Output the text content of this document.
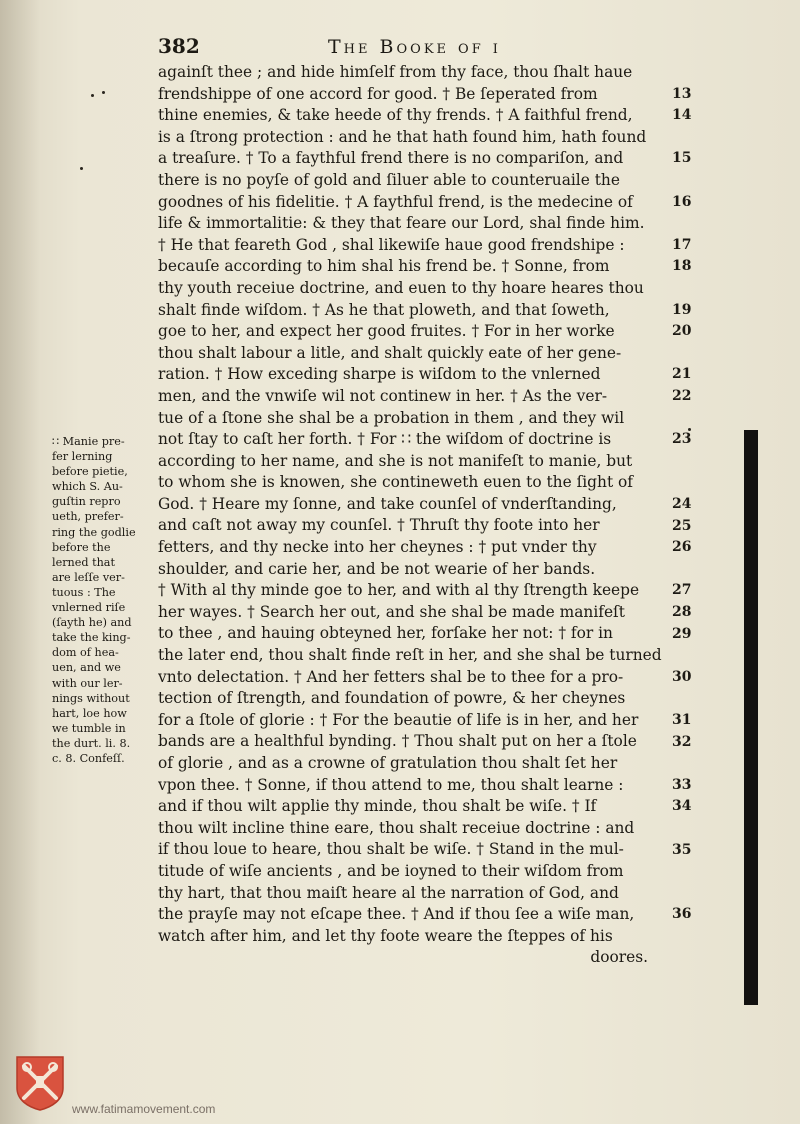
382	The Booke of i
againſt thee ; and hide himſelf from thy face, thou ſhalt haue
frendshippe of one accord for good. † Be ſeperated from
thine enemies, & take heede of thy frends. † A faithful frend,
is a ſtrong protection : and he that hath found him, hath found
a treaſure. † To a faythful frend there is no compariſon, and
there is no poyſe of gold and ſiluer able to counteruaile the
goodnes of his fidelitie. † A faythful frend, is the medecine of
life & immortalitie: & they that feare our Lord, shal finde him.
† He that feareth God , shal likewiſe haue good frendshipe :
becauſe according to him shal his frend be. † Sonne, from
thy youth receiue doctrine, and euen to thy hoare heares thou
shalt finde wiſdom. † As he that ploweth, and that ſoweth,
goe to her, and expect her good fruites. † For in her worke
thou shalt labour a litle, and shalt quickly eate of her gene-
ration. † How exceding sharpe is wiſdom to the vnlerned
men, and the vnwiſe wil not continew in her. † As the ver-
tue of a ſtone she shal be a probation in them , and they wil
not ſtay to caſt her forth. † For ∷ the wiſdom of doctrine is
according to her name, and she is not manifeſt to manie, but
to whom she is knowen, she contineweth euen to the ſight of
God. † Heare my ſonne, and take counſel of vnderſtanding,
and caſt not away my counſel. † Thruſt thy foote into her
fetters, and thy necke into her cheynes : † put vnder thy
shoulder, and carie her, and be not wearie of her bands.
† With al thy minde goe to her, and with al thy ſtrength keepe
her wayes. † Search her out, and she shal be made manifeſt
to thee , and hauing obteyned her, forſake her not: † for in
the later end, thou shalt finde reſt in her, and she shal be turned
vnto delectation. † And her fetters shal be to thee for a pro-
tection of ſtrength, and foundation of powre, & her cheynes
for a ſtole of glorie : † For the beautie of life is in her, and her
bands are a healthful bynding. † Thou shalt put on her a ſtole
of glorie , and as a crowne of gratulation thou shalt ſet her
vpon thee. † Sonne, if thou attend to me, thou shalt learne :
and if thou wilt applie thy minde, thou shalt be wiſe. † If
thou wilt incline thine eare, thou shalt receiue doctrine : and
if thou loue to heare, thou shalt be wiſe. † Stand in the mul-
titude of wiſe ancients , and be ioyned to their wiſdom from
thy hart, that thou maiſt heare al the narration of God, and
the prayſe may not eſcape thee. † And if thou ſee a wiſe man,
watch after him, and let thy foote weare the ſteppes of his
doores.
13
14
15
16
17
18
19
20
21
22
23
24
25
26
27
28
29
30
31
32
33
34
35
36
∷ Manie pre-
fer lerning
before pietie,
which S. Au-
guſtin repro
ueth, prefer-
ring the godlie
before the
lerned that
are leſſe ver-
tuous : The
vnlerned riſe
(ſayth he) and
take the king-
dom of hea-
uen, and we
with our ler-
nings without
hart, loe how
we tumble in
the durt. li. 8.
c. 8. Confeſſ.
www.fatimamovement.com
